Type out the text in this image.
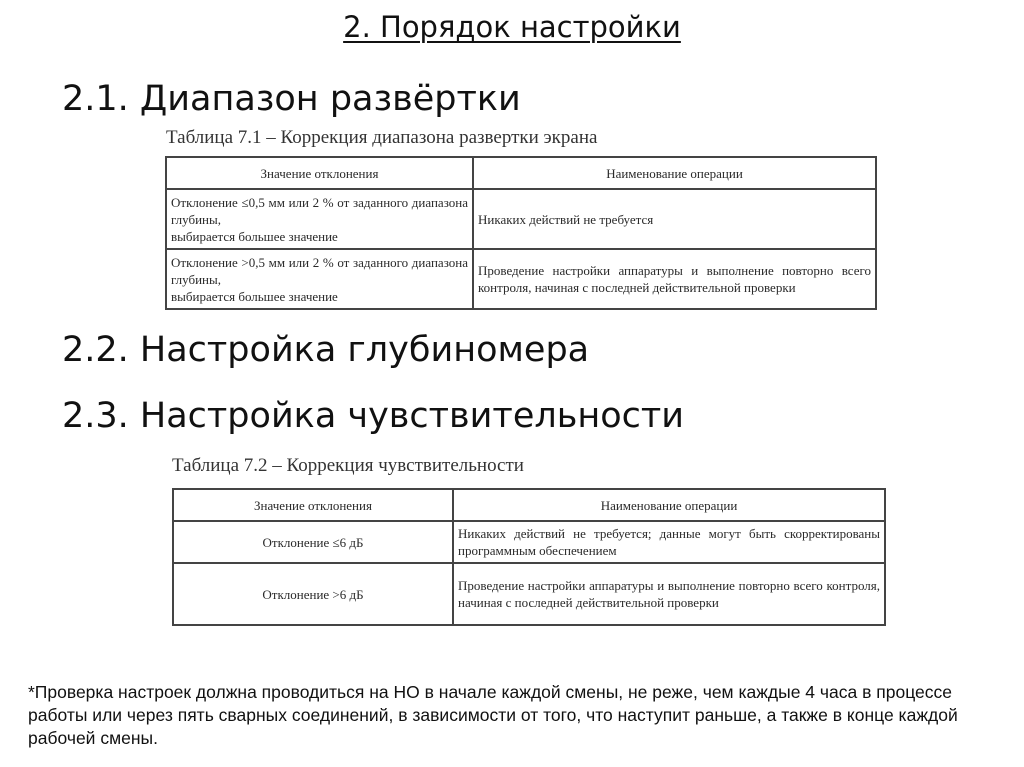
2. Порядок настройки
2.1. Диапазон развёртки
Таблица 7.1 – Коррекция диапазона развертки экрана
Значение отклонения	Наименование операции
Отклонение ≤0,5 мм или 2 % от заданного диапазона глубины,
выбирается большее значение	Никаких действий не требуется
Отклонение >0,5 мм или 2 % от заданного диапазона глубины,
выбирается большее значение	Проведение настройки аппаратуры и выполнение повторно всего контроля, начиная с последней действительной проверки
2.2. Настройка глубиномера
2.3. Настройка чувствительности
Таблица 7.2 – Коррекция чувствительности
Значение отклонения	Наименование операции
Отклонение ≤6 дБ	Никаких действий не требуется; данные могут быть скорректированы программным обеспечением
Отклонение >6 дБ	Проведение настройки аппаратуры и выполнение повторно всего контроля, начиная с последней действительной проверки
*Проверка настроек должна проводиться на НО в начале каждой смены, не реже, чем каждые 4 часа в процессе работы или через пять сварных соединений, в зависимости от того, что наступит раньше, а также в конце каждой рабочей смены.
